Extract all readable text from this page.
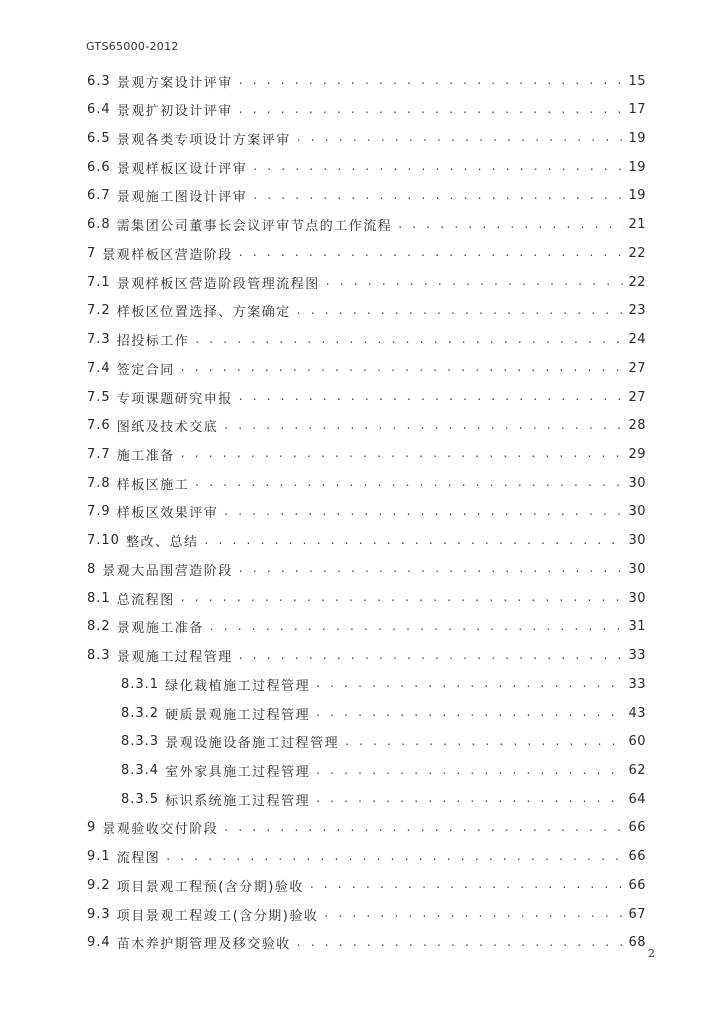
GTS65000-2012
6.3 景观方案设计评审 . . .	15
6.4 景观扩初设计评审 . . .	17
6.5 景观各类专项设计方案评审 . . .	19
6.6 景观样板区设计评审 . . .	19
6.7 景观施工图设计评审 . . .	19
6.8 需集团公司董事长会议评审节点的工作流程 . . .	21
7 景观样板区营造阶段 . . .	22
7.1 景观样板区营造阶段管理流程图 . . .	22
7.2 样板区位置选择、方案确定 . . .	23
7.3 招投标工作 . . .	24
7.4 签定合同 . . .	27
7.5 专项课题研究申报 . . .	27
7.6 图纸及技术交底 . . .	28
7.7 施工准备 . . .	29
7.8 样板区施工 . . .	30
7.9 样板区效果评审 . . .	30
7.10 整改、总结 . . .	30
8 景观大品围营造阶段 . . .	30
8.1 总流程图 . . .	30
8.2 景观施工准备 . . .	31
8.3 景观施工过程管理 . . .	33
8.3.1 绿化栽植施工过程管理 . . .	33
8.3.2 硬质景观施工过程管理 . . .	43
8.3.3 景观设施设备施工过程管理 . . .	60
8.3.4 室外家具施工过程管理 . . .	62
8.3.5 标识系统施工过程管理 . . .	64
9 景观验收交付阶段 . . .	66
9.1 流程图 . . .	66
9.2 项目景观工程预(含分期)验收 . . .	66
9.3 项目景观工程竣工(含分期)验收 . . .	67
9.4 苗木养护期管理及移交验收 . . .	68
2
